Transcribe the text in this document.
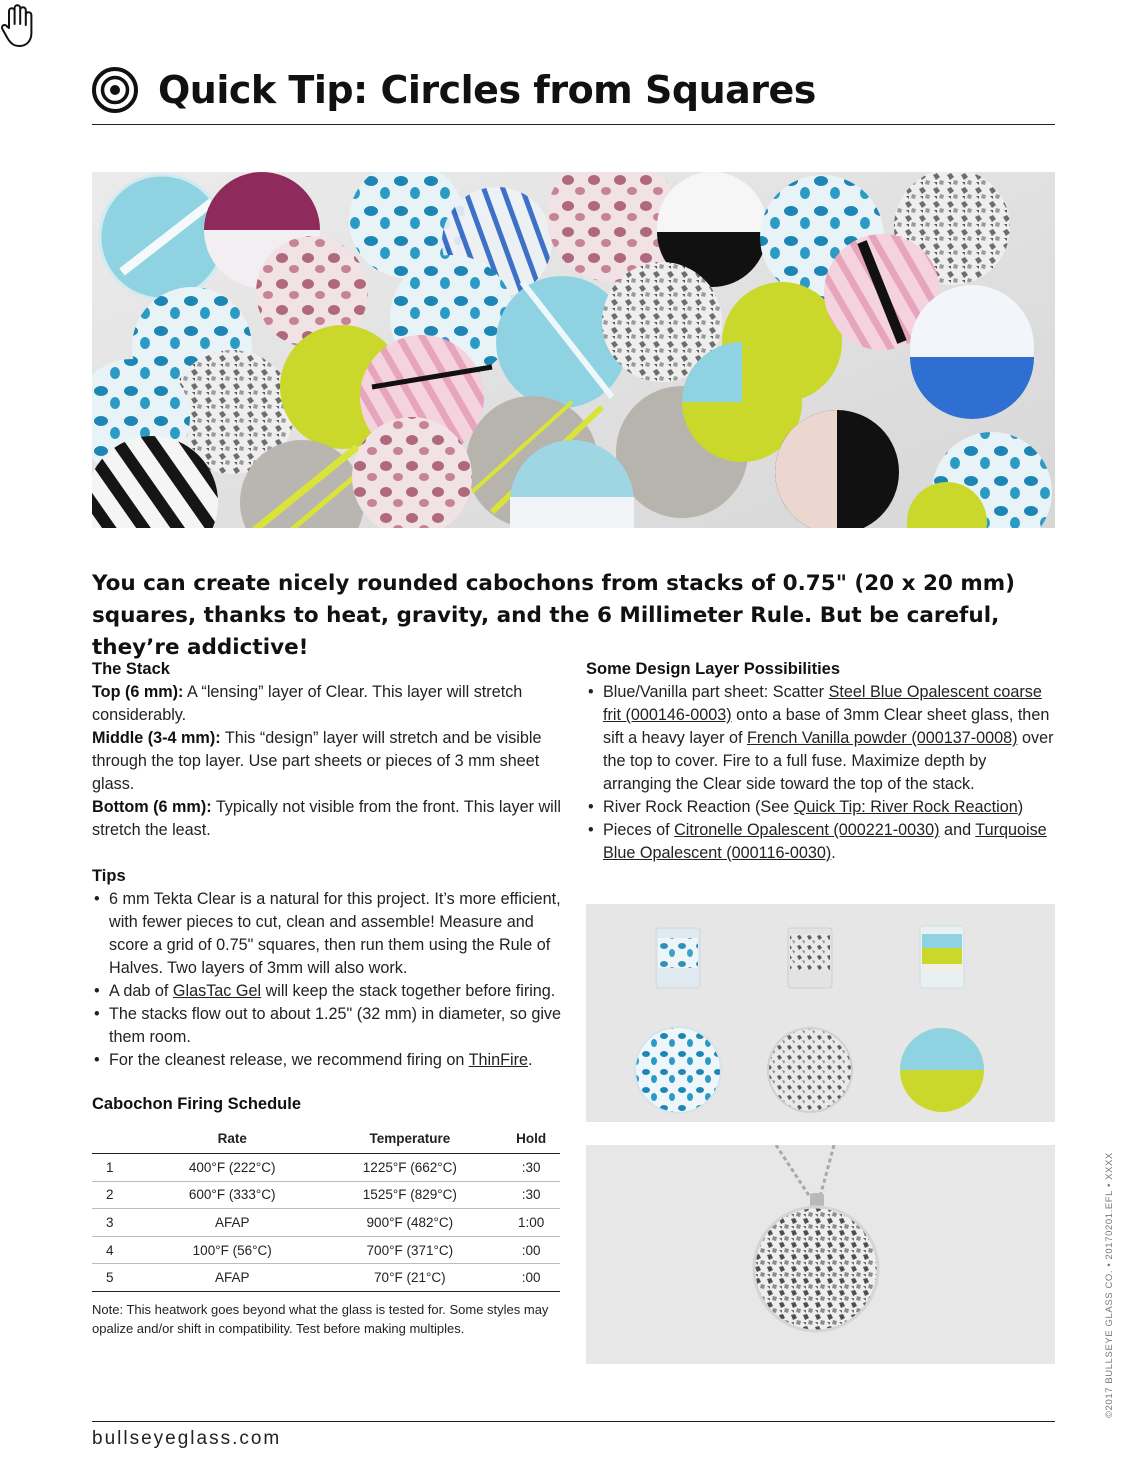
Quick Tip: Circles from Squares
You can create nicely rounded cabochons from stacks of 0.75" (20 x 20 mm) squares, thanks to heat, gravity, and the 6 Millimeter Rule. But be careful, they’re addictive!
The Stack

Top (6 mm): A “lensing” layer of Clear. This layer will stretch considerably.

Middle (3-4 mm): This “design” layer will stretch and be visible through the top layer. Use part sheets or pieces of 3 mm sheet glass.

Bottom (6 mm): Typically not visible from the front. This layer will stretch the least.

Tips
• 6 mm Tekta Clear is a natural for this project. It’s more efficient, with fewer pieces to cut, clean and assemble! Measure and score a grid of 0.75" squares, then run them using the Rule of Halves. Two layers of 3mm will also work.
• A dab of GlasTac Gel will keep the stack together before firing.
• The stacks flow out to about 1.25" (32 mm) in diameter, so give them room.
• For the cleanest release, we recommend firing on ThinFire.
Cabochon Firing Schedule
	Rate	Temperature	Hold
1	400°F (222°C)	1225°F (662°C)	:30
2	600°F (333°C)	1525°F (829°C)	:30
3	AFAP	900°F (482°C)	1:00
4	100°F (56°C)	700°F (371°C)	:00
5	AFAP	70°F (21°C)	:00

Note: This heatwork goes beyond what the glass is tested for. Some styles may opalize and/or shift in compatibility. Test before making multiples.

Some Design Layer Possibilities
• Blue/Vanilla part sheet: Scatter Steel Blue Opalescent coarse frit (000146-0003) onto a base of 3mm Clear sheet glass, then sift a heavy layer of French Vanilla powder (000137-0008) over the top to cover. Fire to a full fuse. Maximize depth by arranging the Clear side toward the top of the stack.
• River Rock Reaction (See Quick Tip: River Rock Reaction)
• Pieces of Citronelle Opalescent (000221-0030) and Turquoise Blue Opalescent (000116-0030).
bullseyeglass.com
©2017 BULLSEYE GLASS CO. • 20170201.EFL • XXXX
